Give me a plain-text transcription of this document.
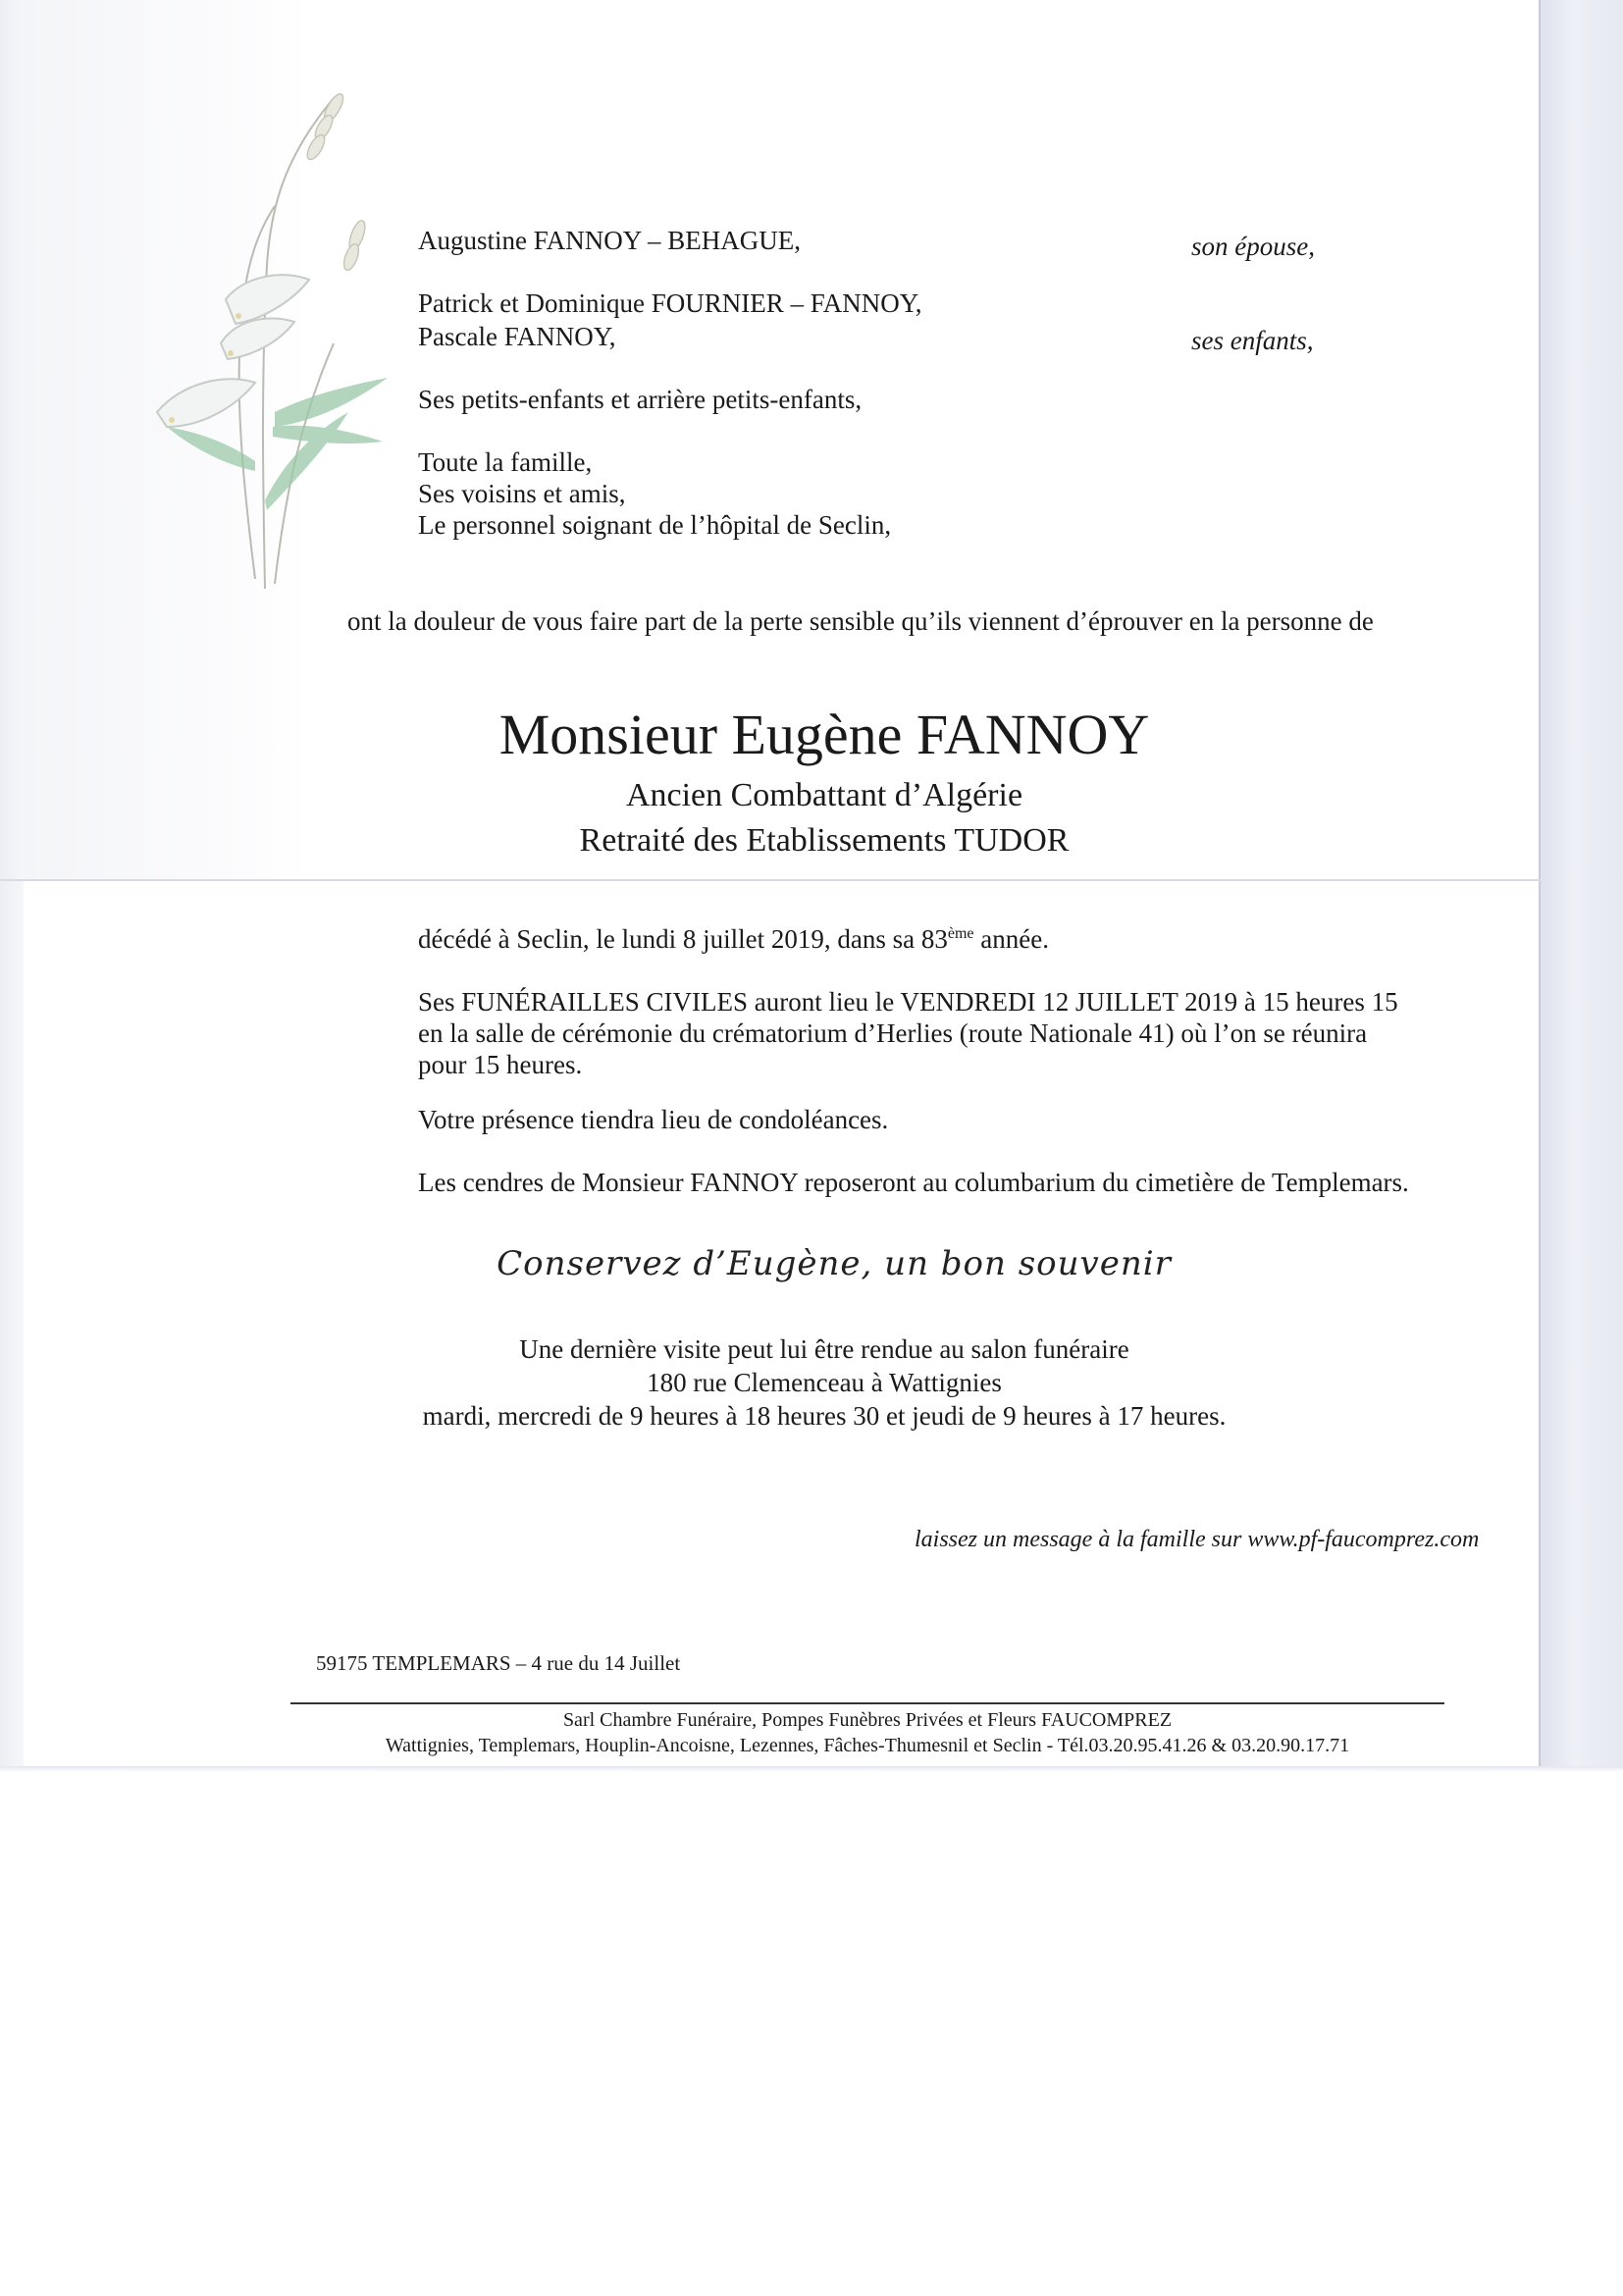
Augustine FANNOY – BEHAGUE,	son épouse,
Patrick et Dominique FOURNIER – FANNOY,
Pascale FANNOY,	ses enfants,
Ses petits-enfants et arrière petits-enfants,
Toute la famille,
Ses voisins et amis,
Le personnel soignant de l’hôpital de Seclin,
ont la douleur de vous faire part de la perte sensible qu’ils viennent d’éprouver en la personne de
Monsieur Eugène FANNOY
Ancien Combattant d’Algérie
Retraité des Etablissements TUDOR
décédé à Seclin, le lundi 8 juillet 2019, dans sa 83ème année.
Ses FUNÉRAILLES CIVILES auront lieu le VENDREDI 12 JUILLET 2019 à 15 heures 15
en la salle de cérémonie du crématorium d’Herlies (route Nationale 41) où l’on se réunira
pour 15 heures.
Votre présence tiendra lieu de condoléances.
Les cendres de Monsieur FANNOY reposeront au columbarium du cimetière de Templemars.
Conservez d’Eugène, un bon souvenir
Une dernière visite peut lui être rendue au salon funéraire
180 rue Clemenceau à Wattignies
mardi, mercredi de 9 heures à 18 heures 30 et jeudi de 9 heures à 17 heures.
laissez un message à la famille sur www.pf-faucomprez.com
59175 TEMPLEMARS – 4 rue du 14 Juillet
Sarl Chambre Funéraire, Pompes Funèbres Privées et Fleurs FAUCOMPREZ
Wattignies, Templemars, Houplin-Ancoisne, Lezennes, Fâches-Thumesnil et Seclin - Tél.03.20.95.41.26 & 03.20.90.17.71
